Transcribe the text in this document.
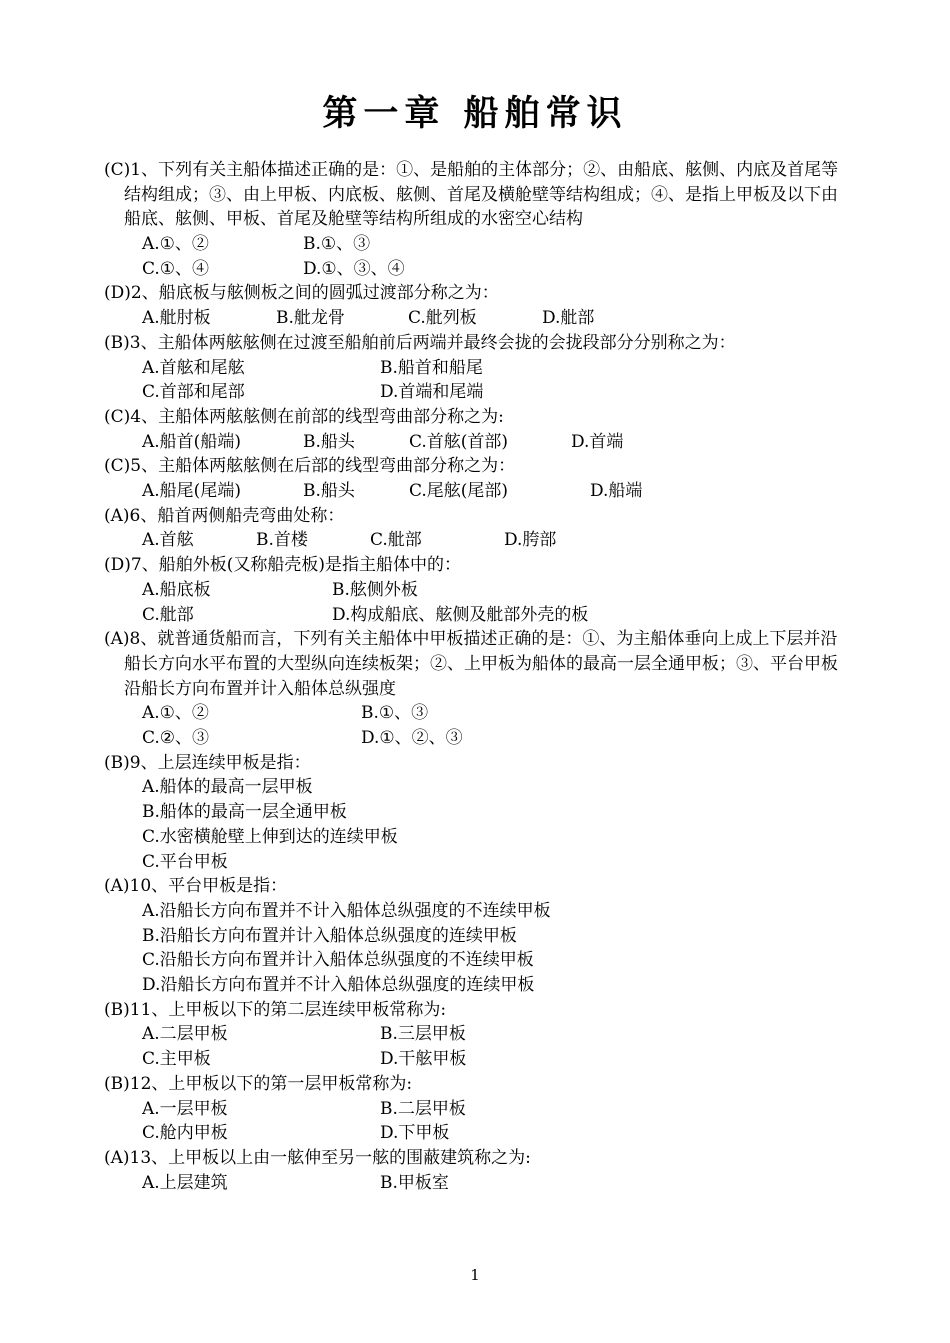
第一章 船舶常识

(C)1、下列有关主船体描述正确的是：①、是船舶的主体部分；②、由船底、舷侧、内底及首尾等结构组成；③、由上甲板、内底板、舷侧、首尾及横舱壁等结构组成；④、是指上甲板及以下由船底、舷侧、甲板、首尾及舱壁等结构所组成的水密空心结构

A.①、②	B.①、③
C.①、④	D.①、③、④

(D)2、船底板与舷侧板之间的圆弧过渡部分称之为：

A.舭肘板	B.舭龙骨	C.舭列板	D.舭部

(B)3、主船体两舷舷侧在过渡至船舶前后两端并最终会拢的会拢段部分分别称之为：

A.首舷和尾舷	B.船首和船尾
C.首部和尾部	D.首端和尾端

(C)4、主船体两舷舷侧在前部的线型弯曲部分称之为:

A.船首(船端)	B.船头	C.首舷(首部)	D.首端

(C)5、主船体两舷舷侧在后部的线型弯曲部分称之为：

A.船尾(尾端)	B.船头	C.尾舷(尾部)	D.船端

(A)6、船首两侧船壳弯曲处称：

A.首舷	B.首楼	C.舭部	D.胯部

(D)7、船舶外板(又称船壳板)是指主船体中的：

A.船底板	B.舷侧外板
C.舭部	D.构成船底、舷侧及舭部外壳的板

(A)8、就普通货船而言，下列有关主船体中甲板描述正确的是：①、为主船体垂向上成上下层并沿船长方向水平布置的大型纵向连续板架；②、上甲板为船体的最高一层全通甲板；③、平台甲板沿船长方向布置并计入船体总纵强度

A.①、②	B.①、③
C.②、③	D.①、②、③

(B)9、上层连续甲板是指：

A.船体的最高一层甲板

B.船体的最高一层全通甲板

C.水密横舱壁上伸到达的连续甲板

C.平台甲板

(A)10、平台甲板是指：

A.沿船长方向布置并不计入船体总纵强度的不连续甲板

B.沿船长方向布置并计入船体总纵强度的连续甲板

C.沿船长方向布置并计入船体总纵强度的不连续甲板

D.沿船长方向布置并不计入船体总纵强度的连续甲板

(B)11、上甲板以下的第二层连续甲板常称为:

A.二层甲板	B.三层甲板
C.主甲板	D.干舷甲板

(B)12、上甲板以下的第一层甲板常称为:

A.一层甲板	B.二层甲板
C.舱内甲板	D.下甲板

(A)13、上甲板以上由一舷伸至另一舷的围蔽建筑称之为:

A.上层建筑	B.甲板室
1
